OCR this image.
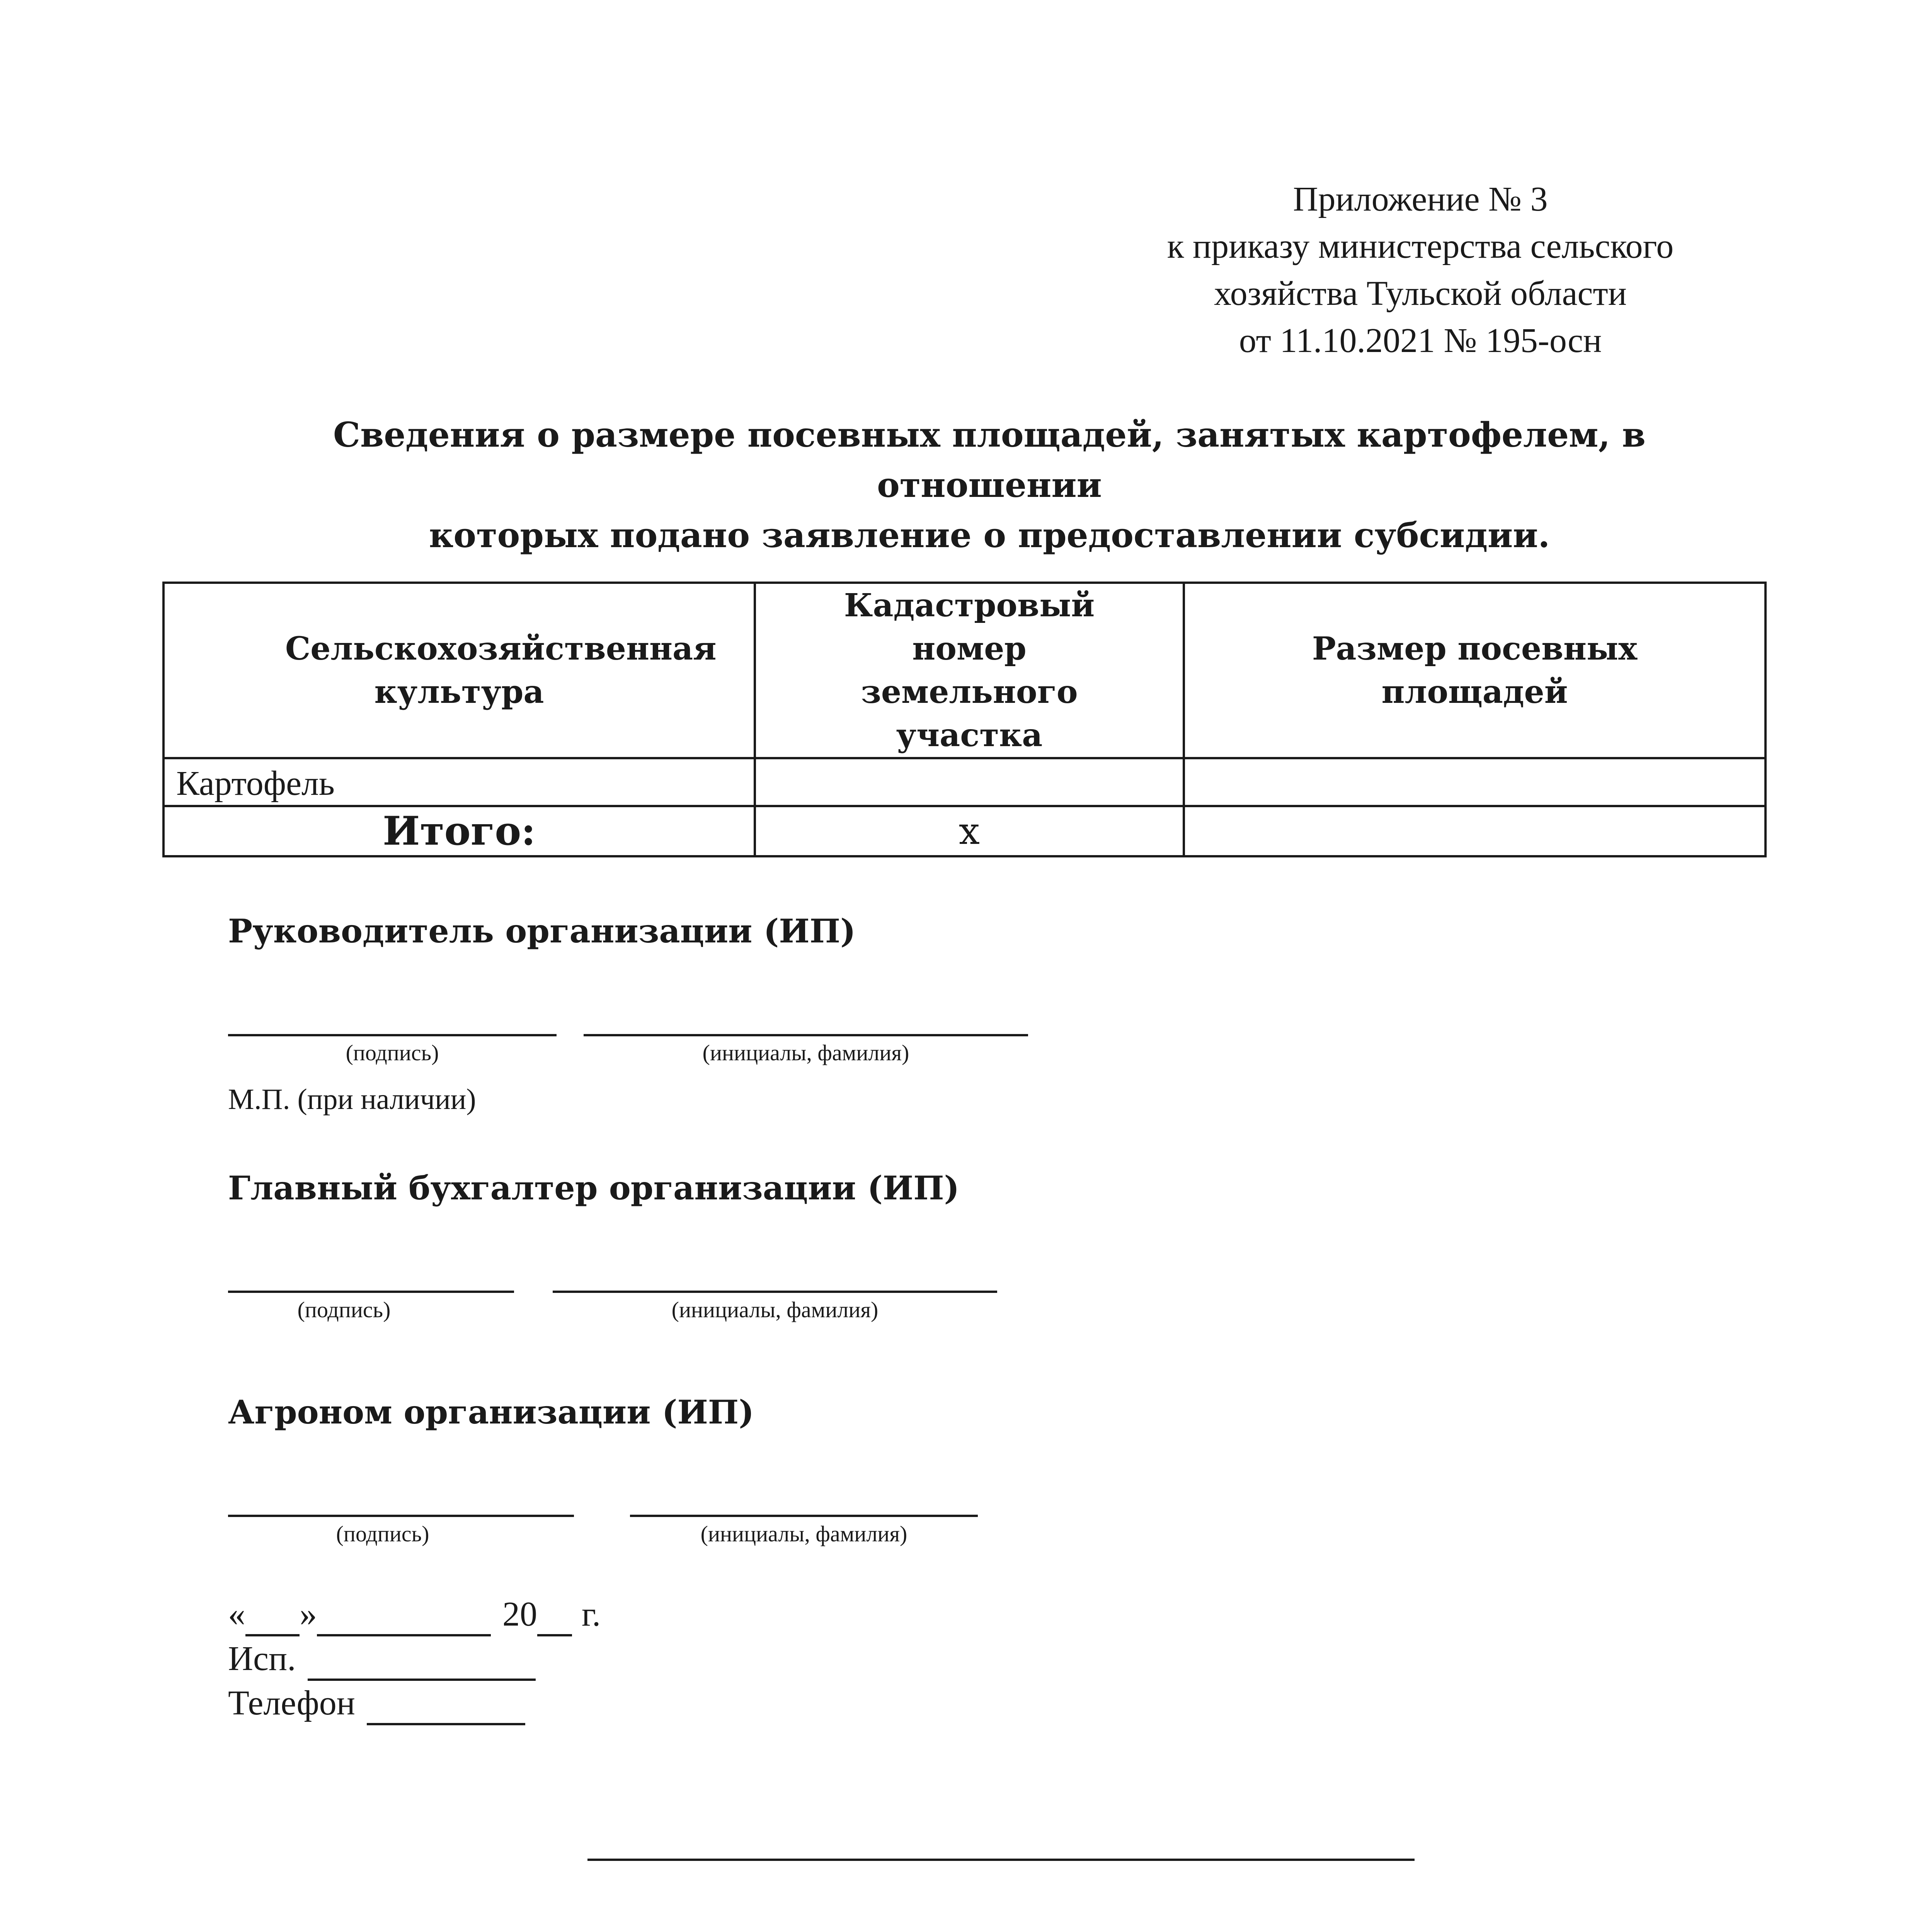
Приложение № 3
к приказу министерства сельского
хозяйства Тульской области
от 11.10.2021 № 195-осн
Сведения о размере посевных площадей, занятых картофелем, в отношении
которых подано заявление о предоставлении субсидии.
Сельскохозяйственная культура	Кадастровый номер земельного участка	Размер посевных площадей

Картофель		
Итого:	х	
Руководитель организации (ИП)
(подпись)	(инициалы, фамилия)
М.П. (при наличии)
Главный бухгалтер организации (ИП)
(подпись)	(инициалы, фамилия)
Агроном организации (ИП)
(подпись)	(инициалы, фамилия)
« »	20 г.
Исп.
Телефон
